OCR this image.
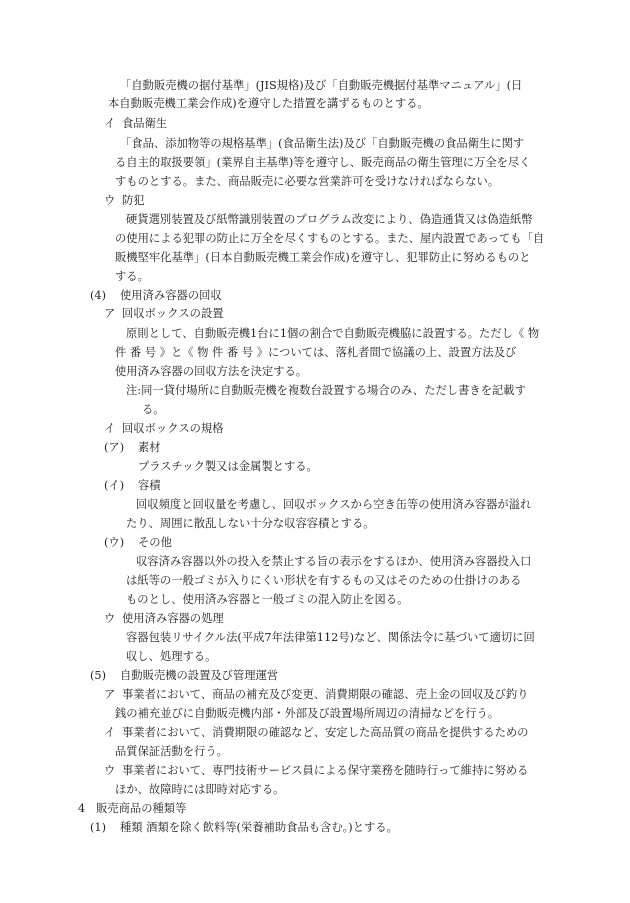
「自動販売機の据付基準」(JIS規格)及び「自動販売機据付基準マニュアル」(日
本自動販売機工業会作成)を遵守した措置を講ずるものとする。
イ 食品衛生
「食品、添加物等の規格基準」(食品衛生法)及び「自動販売機の食品衛生に関す
る自主的取扱要領」(業界自主基準)等を遵守し、販売商品の衛生管理に万全を尽く
すものとする。また、商品販売に必要な営業許可を受けなければならない。
ウ 防犯
硬貨選別装置及び紙幣識別装置のプログラム改変により、偽造通貨又は偽造紙幣
の使用による犯罪の防止に万全を尽くすものとする。また、屋内設置であっても「自
販機堅牢化基準」(日本自動販売機工業会作成)を遵守し、犯罪防止に努めるものと
する。
(4) 使用済み容器の回収
ア 回収ボックスの設置
原則として、自動販売機1台に1個の割合で自動販売機脇に設置する。ただし《 物
件 番 号 》と《 物 件 番 号 》については、落札者間で協議の上、設置方法及び
使用済み容器の回収方法を決定する。
注:同一貸付場所に自動販売機を複数台設置する場合のみ、ただし書きを記載す
る。
イ 回収ボックスの規格
(ア) 素材
プラスチック製又は金属製とする。
(イ) 容積
回収頻度と回収量を考慮し、回収ボックスから空き缶等の使用済み容器が溢れ
たり、周囲に散乱しない十分な収容容積とする。
(ウ) その他
収容済み容器以外の投入を禁止する旨の表示をするほか、使用済み容器投入口
は紙等の一般ゴミが入りにくい形状を有するもの又はそのための仕掛けのある
ものとし、使用済み容器と一般ゴミの混入防止を図る。
ウ 使用済み容器の処理
容器包装リサイクル法(平成7年法律第112号)など、関係法令に基づいて適切に回
収し、処理する。
(5) 自動販売機の設置及び管理運営
ア 事業者において、商品の補充及び変更、消費期限の確認、売上金の回収及び釣り
銭の補充並びに自動販売機内部・外部及び設置場所周辺の清掃などを行う。
イ 事業者において、消費期限の確認など、安定した高品質の商品を提供するための
品質保証活動を行う。
ウ 事業者において、専門技術サービス員による保守業務を随時行って維持に努める
ほか、故障時には即時対応する。
4 販売商品の種類等
(1) 種類 酒類を除く飲料等(栄養補助食品も含む。)とする。
